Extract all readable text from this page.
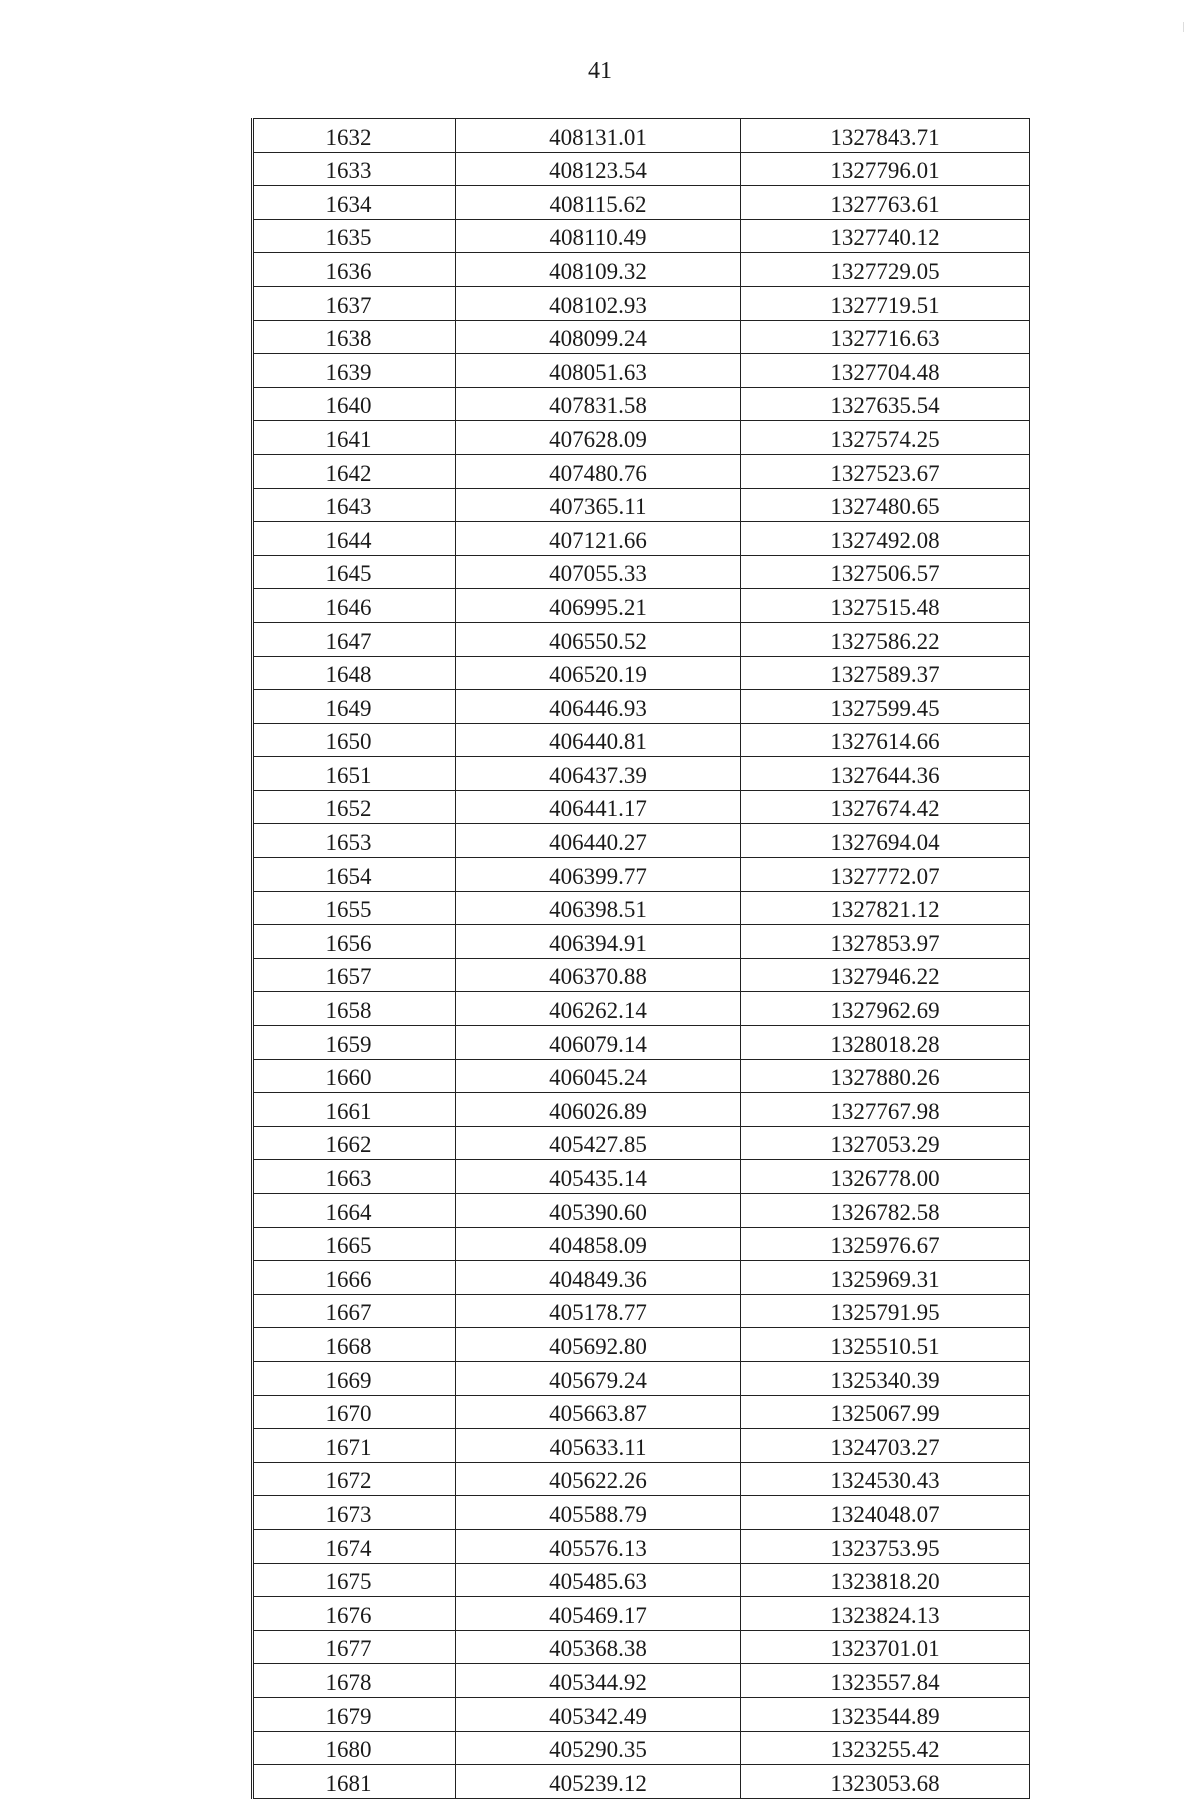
41
1632	408131.01	1327843.71
1633	408123.54	1327796.01
1634	408115.62	1327763.61
1635	408110.49	1327740.12
1636	408109.32	1327729.05
1637	408102.93	1327719.51
1638	408099.24	1327716.63
1639	408051.63	1327704.48
1640	407831.58	1327635.54
1641	407628.09	1327574.25
1642	407480.76	1327523.67
1643	407365.11	1327480.65
1644	407121.66	1327492.08
1645	407055.33	1327506.57
1646	406995.21	1327515.48
1647	406550.52	1327586.22
1648	406520.19	1327589.37
1649	406446.93	1327599.45
1650	406440.81	1327614.66
1651	406437.39	1327644.36
1652	406441.17	1327674.42
1653	406440.27	1327694.04
1654	406399.77	1327772.07
1655	406398.51	1327821.12
1656	406394.91	1327853.97
1657	406370.88	1327946.22
1658	406262.14	1327962.69
1659	406079.14	1328018.28
1660	406045.24	1327880.26
1661	406026.89	1327767.98
1662	405427.85	1327053.29
1663	405435.14	1326778.00
1664	405390.60	1326782.58
1665	404858.09	1325976.67
1666	404849.36	1325969.31
1667	405178.77	1325791.95
1668	405692.80	1325510.51
1669	405679.24	1325340.39
1670	405663.87	1325067.99
1671	405633.11	1324703.27
1672	405622.26	1324530.43
1673	405588.79	1324048.07
1674	405576.13	1323753.95
1675	405485.63	1323818.20
1676	405469.17	1323824.13
1677	405368.38	1323701.01
1678	405344.92	1323557.84
1679	405342.49	1323544.89
1680	405290.35	1323255.42
1681	405239.12	1323053.68
